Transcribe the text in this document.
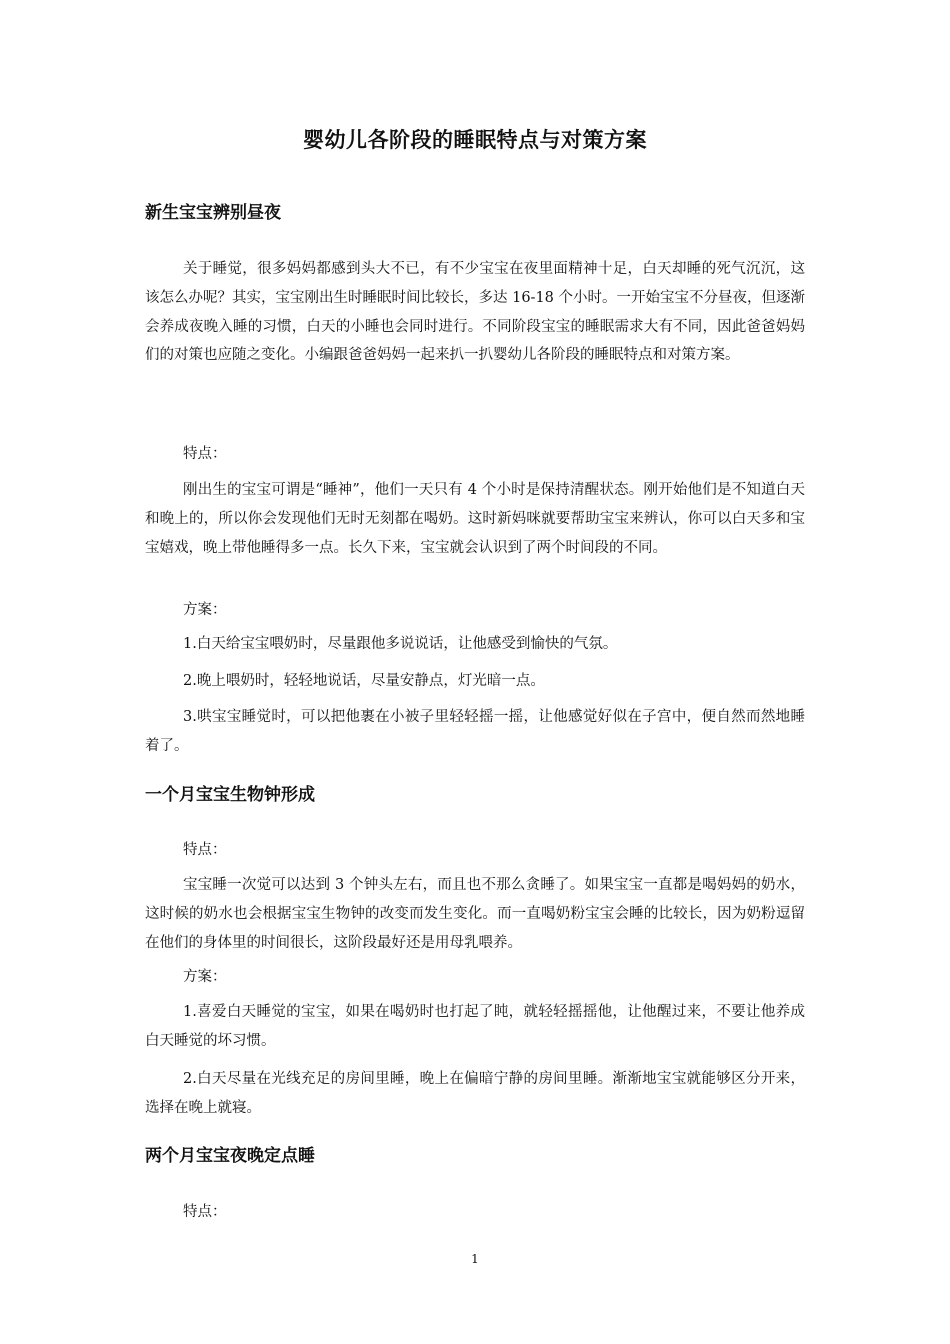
婴幼儿各阶段的睡眠特点与对策方案
新生宝宝辨别昼夜

关于睡觉，很多妈妈都感到头大不已，有不少宝宝在夜里面精神十足，白天却睡的死气沉沉，这该怎么办呢？其实，宝宝刚出生时睡眠时间比较长，多达 16-18 个小时。一开始宝宝不分昼夜，但逐渐会养成夜晚入睡的习惯，白天的小睡也会同时进行。不同阶段宝宝的睡眠需求大有不同，因此爸爸妈妈们的对策也应随之变化。小编跟爸爸妈妈一起来扒一扒婴幼儿各阶段的睡眠特点和对策方案。

特点：

刚出生的宝宝可谓是“睡神”，他们一天只有 4 个小时是保持清醒状态。刚开始他们是不知道白天和晚上的，所以你会发现他们无时无刻都在喝奶。这时新妈咪就要帮助宝宝来辨认，你可以白天多和宝宝嬉戏，晚上带他睡得多一点。长久下来，宝宝就会认识到了两个时间段的不同。

方案：

1.白天给宝宝喂奶时，尽量跟他多说说话，让他感受到愉快的气氛。

2.晚上喂奶时，轻轻地说话，尽量安静点，灯光暗一点。

3.哄宝宝睡觉时，可以把他裹在小被子里轻轻摇一摇，让他感觉好似在子宫中，便自然而然地睡着了。

一个月宝宝生物钟形成

特点：

宝宝睡一次觉可以达到 3 个钟头左右，而且也不那么贪睡了。如果宝宝一直都是喝妈妈的奶水，这时候的奶水也会根据宝宝生物钟的改变而发生变化。而一直喝奶粉宝宝会睡的比较长，因为奶粉逗留在他们的身体里的时间很长，这阶段最好还是用母乳喂养。

方案：

1.喜爱白天睡觉的宝宝，如果在喝奶时也打起了盹，就轻轻摇摇他，让他醒过来，不要让他养成白天睡觉的坏习惯。

2.白天尽量在光线充足的房间里睡，晚上在偏暗宁静的房间里睡。渐渐地宝宝就能够区分开来，选择在晚上就寝。

两个月宝宝夜晚定点睡

特点：

1
